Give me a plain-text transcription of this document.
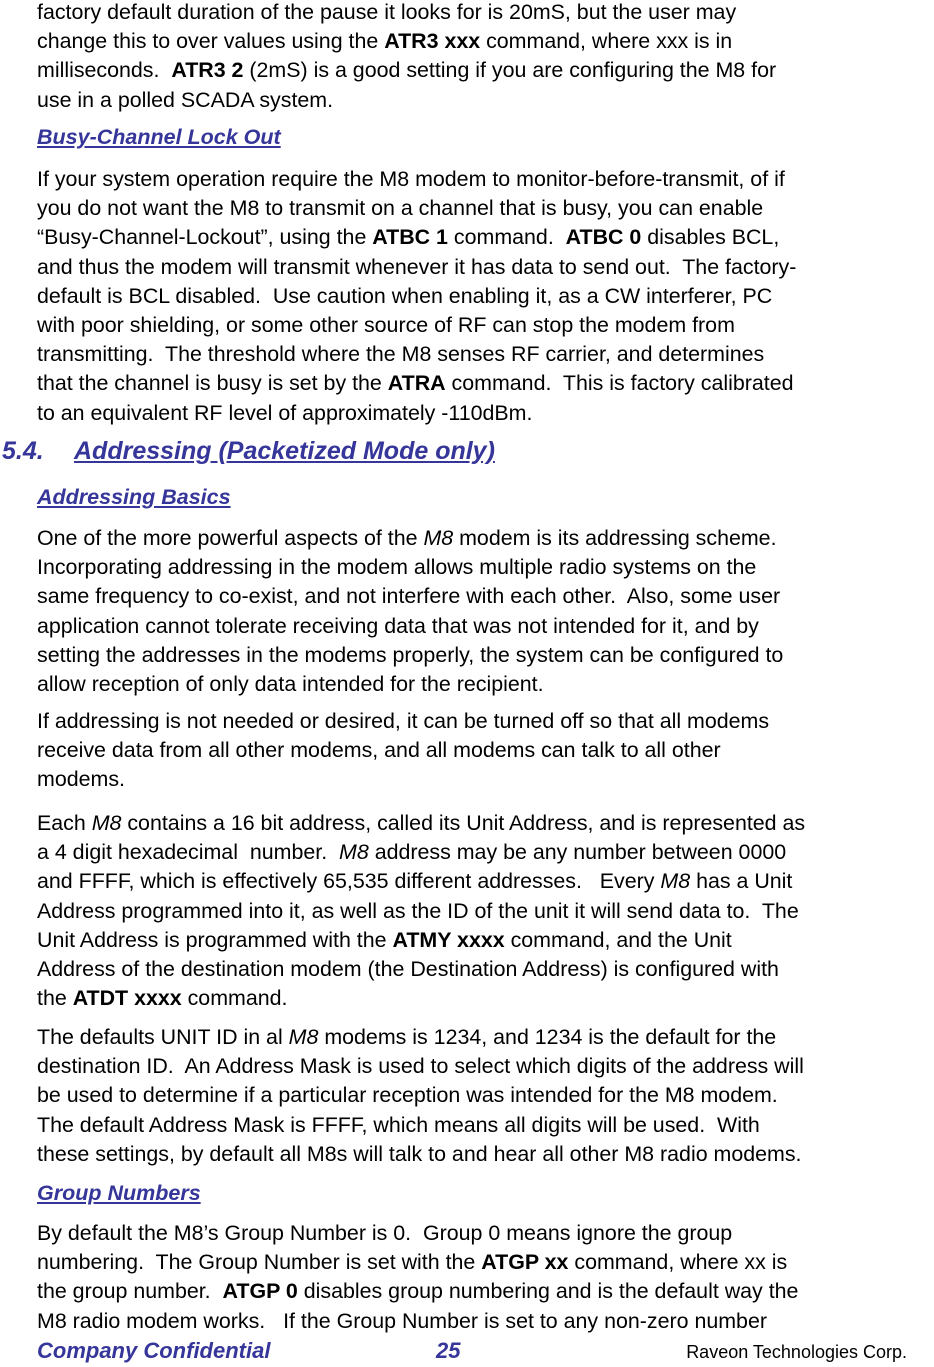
factory default duration of the pause it looks for is 20mS, but the user may
change this to over values using the ATR3 xxx command, where xxx is in
milliseconds.  ATR3 2 (2mS) is a good setting if you are configuring the M8 for
use in a polled SCADA system.

Busy-Channel Lock Out

If your system operation require the M8 modem to monitor-before-transmit, of if
you do not want the M8 to transmit on a channel that is busy, you can enable
“Busy-Channel-Lockout”, using the ATBC 1 command.  ATBC 0 disables BCL,
and thus the modem will transmit whenever it has data to send out.  The factory-
default is BCL disabled.  Use caution when enabling it, as a CW interferer, PC
with poor shielding, or some other source of RF can stop the modem from
transmitting.  The threshold where the M8 senses RF carrier, and determines
that the channel is busy is set by the ATRA command.  This is factory calibrated
to an equivalent RF level of approximately -110dBm.

5.4. Addressing (Packetized Mode only)
Addressing Basics

One of the more powerful aspects of the M8 modem is its addressing scheme.
Incorporating addressing in the modem allows multiple radio systems on the
same frequency to co-exist, and not interfere with each other.  Also, some user
application cannot tolerate receiving data that was not intended for it, and by
setting the addresses in the modems properly, the system can be configured to
allow reception of only data intended for the recipient.

If addressing is not needed or desired, it can be turned off so that all modems
receive data from all other modems, and all modems can talk to all other
modems.

Each M8 contains a 16 bit address, called its Unit Address, and is represented as
a 4 digit hexadecimal  number.  M8 address may be any number between 0000
and FFFF, which is effectively 65,535 different addresses.   Every M8 has a Unit
Address programmed into it, as well as the ID of the unit it will send data to.  The
Unit Address is programmed with the ATMY xxxx command, and the Unit
Address of the destination modem (the Destination Address) is configured with
the ATDT xxxx command.

The defaults UNIT ID in al M8 modems is 1234, and 1234 is the default for the
destination ID.  An Address Mask is used to select which digits of the address will
be used to determine if a particular reception was intended for the M8 modem.
The default Address Mask is FFFF, which means all digits will be used.  With
these settings, by default all M8s will talk to and hear all other M8 radio modems.

Group Numbers

By default the M8’s Group Number is 0.  Group 0 means ignore the group
numbering.  The Group Number is set with the ATGP xx command, where xx is
the group number.  ATGP 0 disables group numbering and is the default way the
M8 radio modem works.   If the Group Number is set to any non-zero number

Company Confidential	25	Raveon Technologies Corp.
